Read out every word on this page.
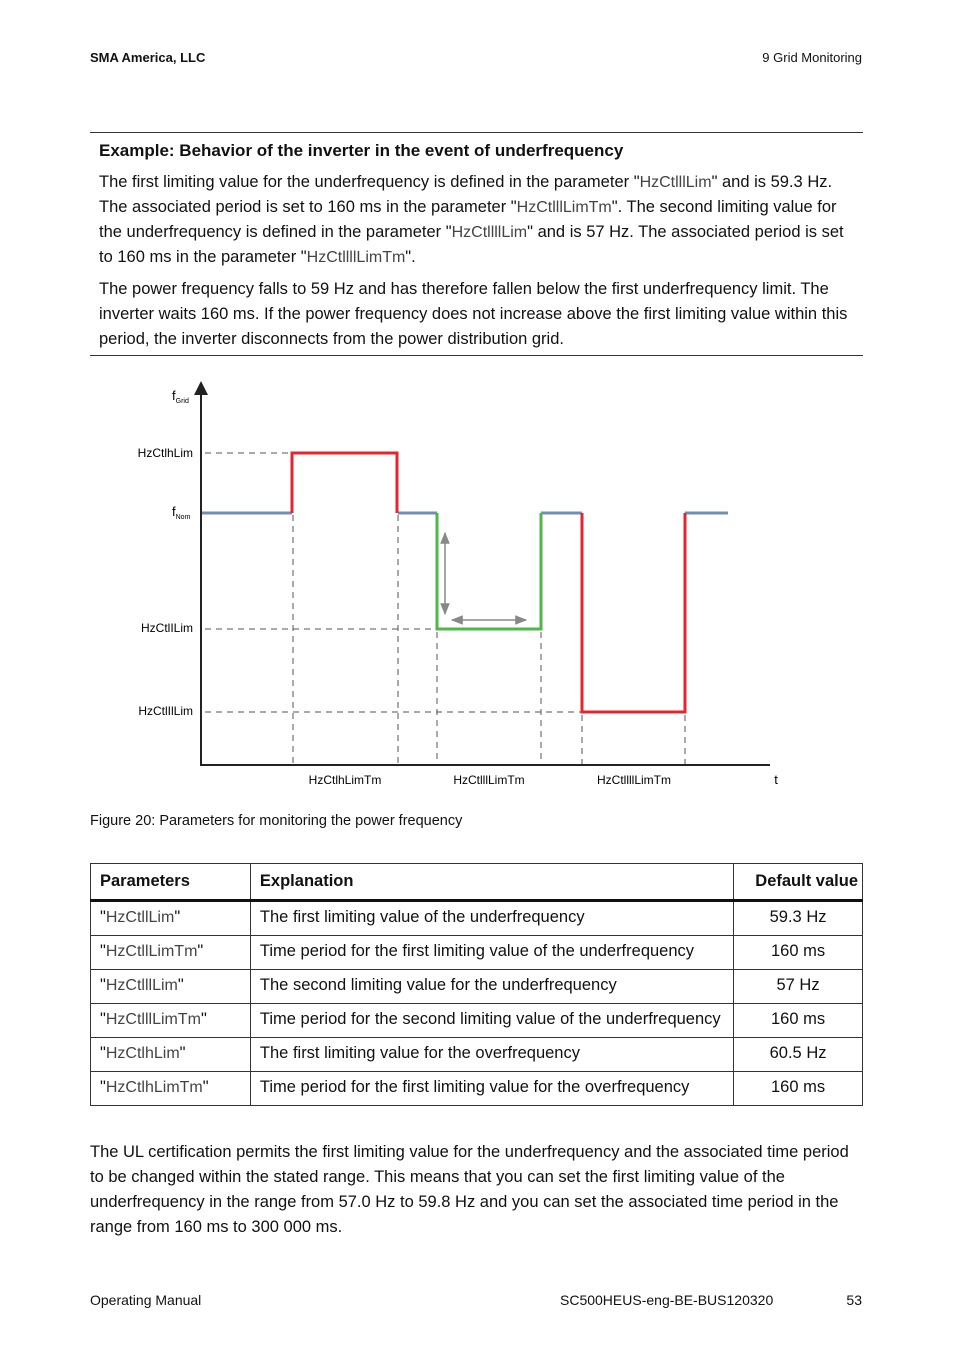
SMA America, LLC	9 Grid Monitoring
Example: Behavior of the inverter in the event of underfrequency

The first limiting value for the underfrequency is defined in the parameter "HzCtlllLim" and is 59.3 Hz. The associated period is set to 160 ms in the parameter "HzCtlllLimTm". The second limiting value for the underfrequency is defined in the parameter "HzCtllllLim" and is 57 Hz. The associated period is set to 160 ms in the parameter "HzCtllllLimTm".

The power frequency falls to 59 Hz and has therefore fallen below the first underfrequency limit. The inverter waits 160 ms. If the power frequency does not increase above the first limiting value within this period, the inverter disconnects from the power distribution grid.

$f_{Grid}$
HzCtlhLim
$f_{Nom}$
HzCtlILim
HzCtlIlLim
HzCtlhLimTm	HzCtlllLimTm	HzCtllllLimTm	t
Figure 20: Parameters for monitoring the power frequency
Parameters	Explanation	Default value
"HzCtllLim"	The first limiting value of the underfrequency	59.3 Hz
"HzCtllLimTm"	Time period for the first limiting value of the underfrequency	160 ms
"HzCtlllLim"	The second limiting value for the underfrequency	57 Hz
"HzCtlllLimTm"	Time period for the second limiting value of the underfrequency	160 ms
"HzCtlhLim"	The first limiting value for the overfrequency	60.5 Hz
"HzCtlhLimTm"	Time period for the first limiting value for the overfrequency	160 ms

The UL certification permits the first limiting value for the underfrequency and the associated time period to be changed within the stated range. This means that you can set the first limiting value of the underfrequency in the range from 57.0 Hz to 59.8 Hz and you can set the associated time period in the range from 160 ms to 300 000 ms.

Operating Manual	SC500HEUS-eng-BE-BUS120320	53
